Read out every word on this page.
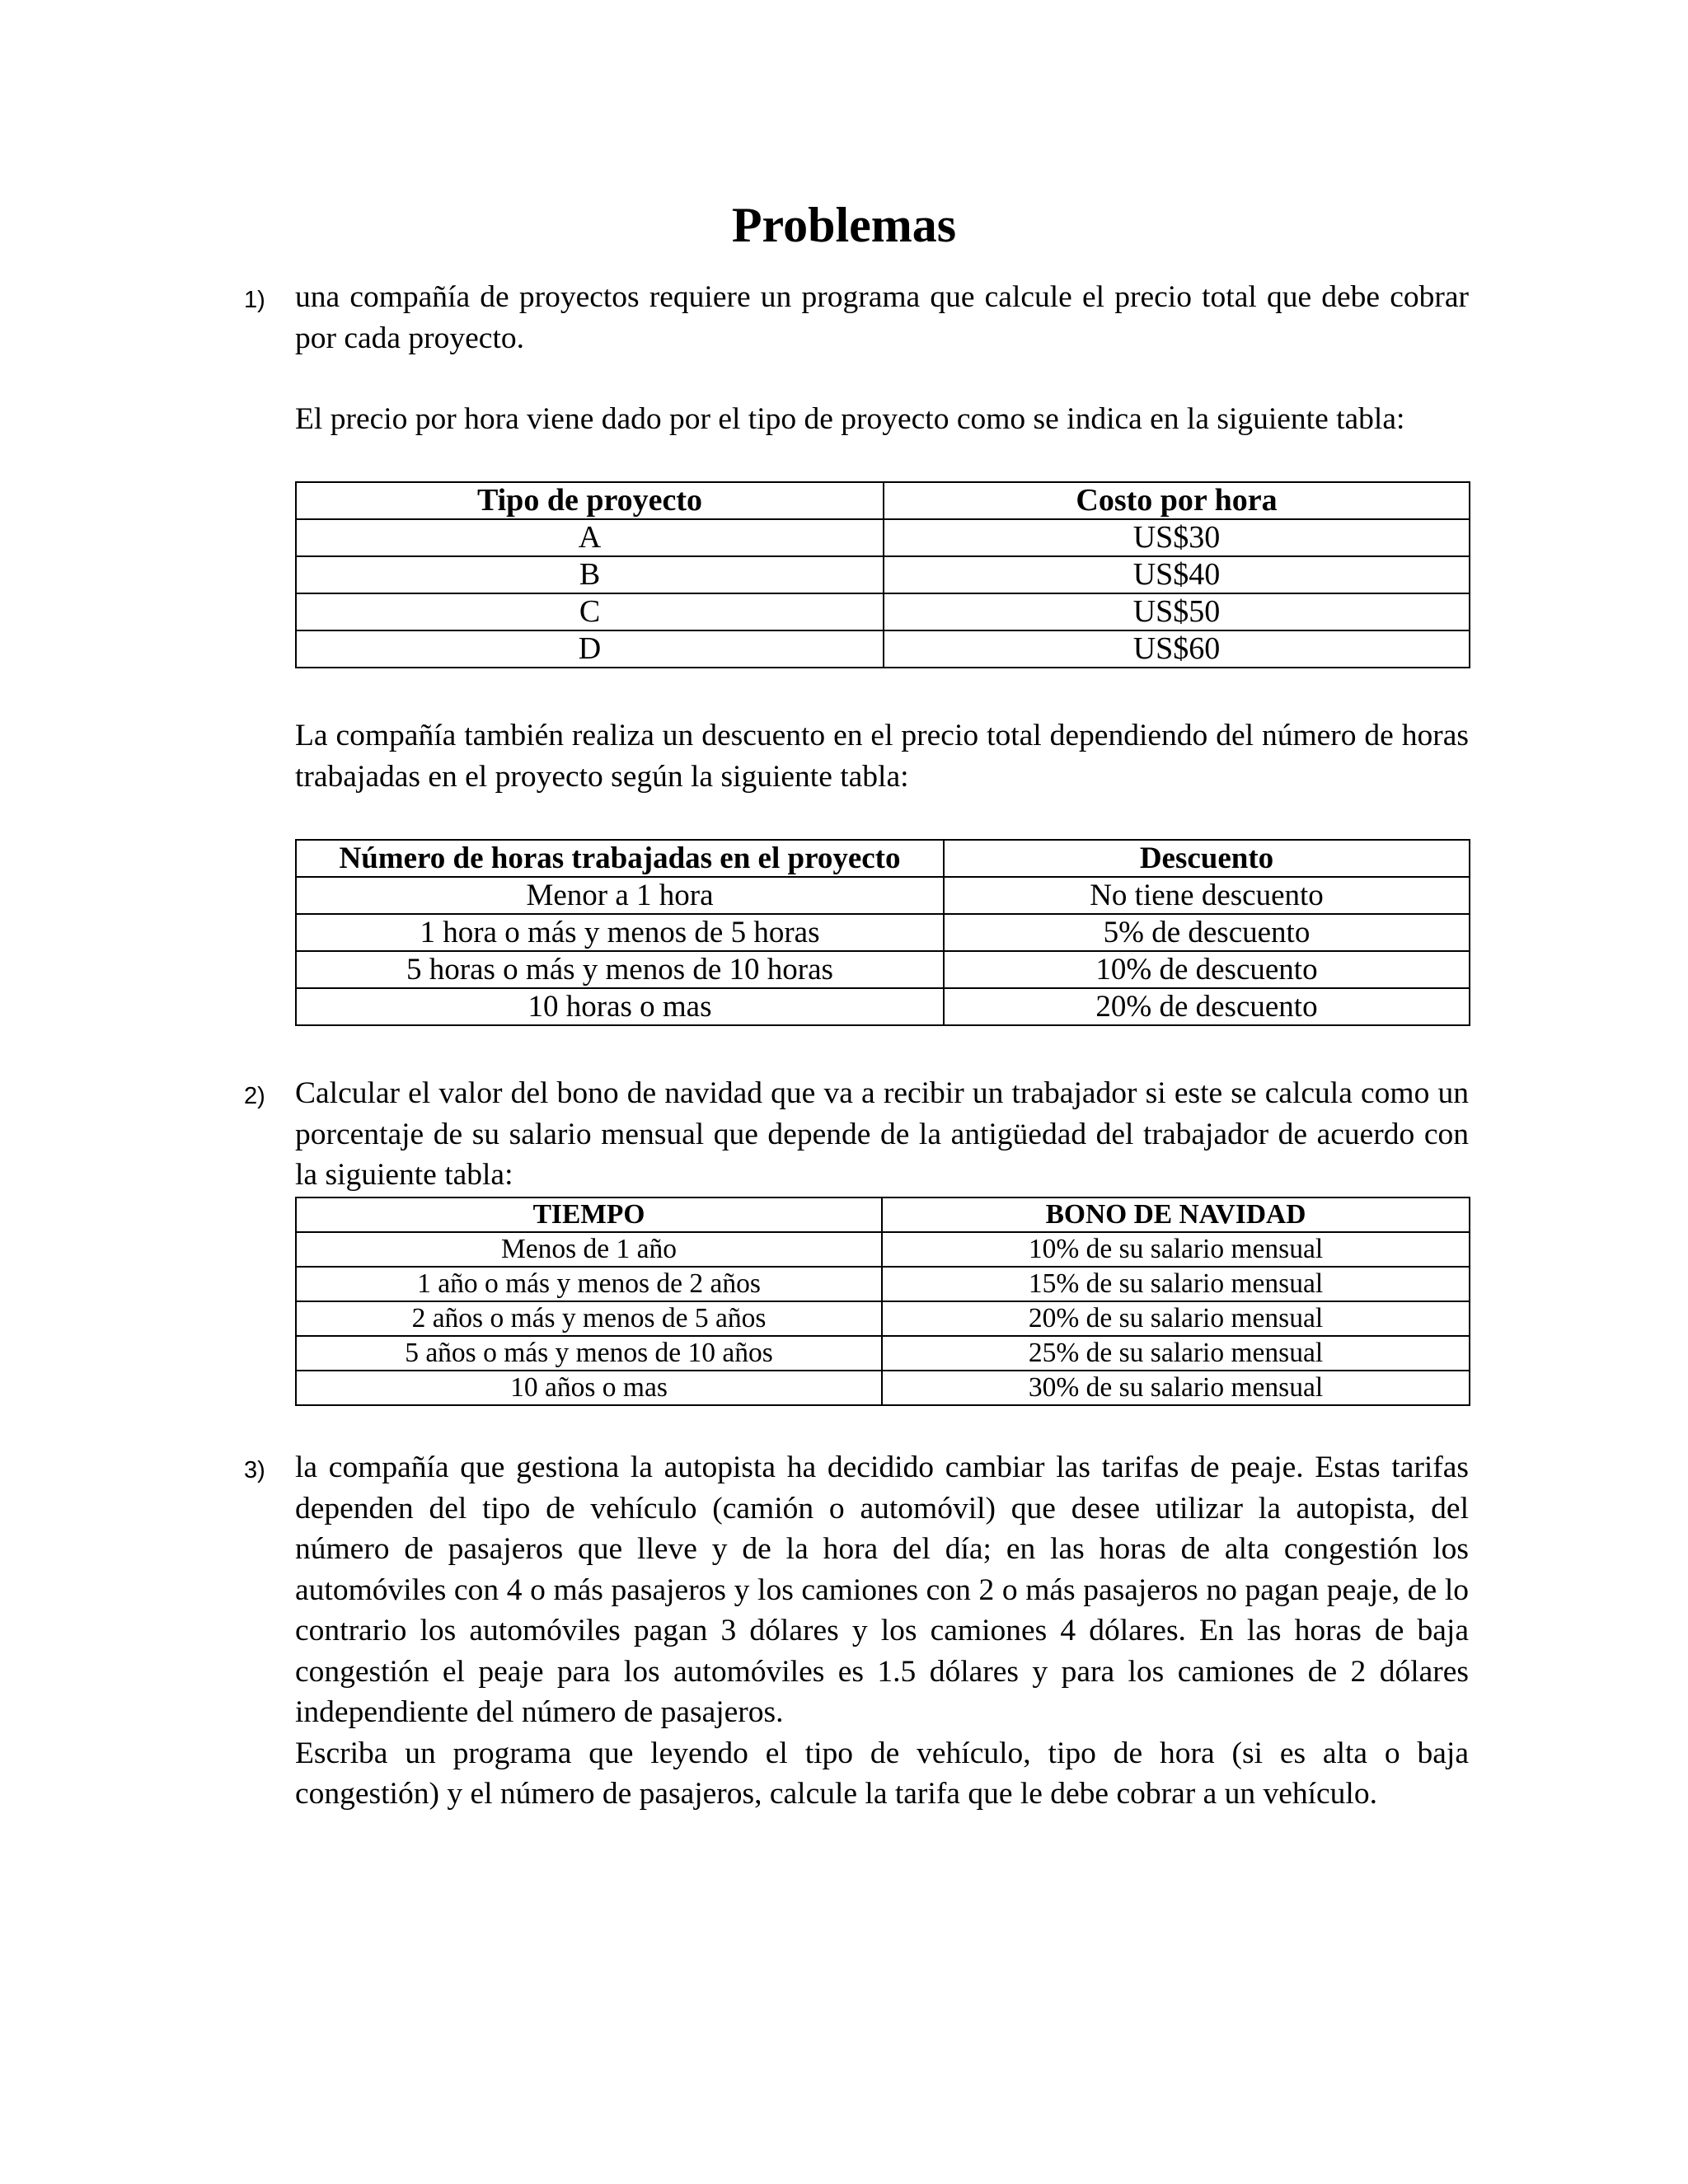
Problemas
1) una compañía de proyectos requiere un programa que calcule el precio total que debe cobrar por cada proyecto.

El precio por hora viene dado por el tipo de proyecto como se indica en la siguiente tabla:

Tipo de proyecto	Costo por hora
A	US$30
B	US$40
C	US$50
D	US$60

La compañía también realiza un descuento en el precio total dependiendo del número de horas trabajadas en el proyecto según la siguiente tabla:

Número de horas trabajadas en el proyecto	Descuento
Menor a 1 hora	No tiene descuento
1 hora o más y menos de 5 horas	5% de descuento
5 horas o más y menos de 10 horas	10% de descuento
10 horas o mas	20% de descuento
2) Calcular el valor del bono de navidad que va a recibir un trabajador si este se calcula como un porcentaje de su salario mensual que depende de la antigüedad del trabajador de acuerdo con la siguiente tabla:

TIEMPO	BONO DE NAVIDAD
Menos de 1 año	10% de su salario mensual
1 año o más y menos de 2 años	15% de su salario mensual
2 años o más y menos de 5 años	20% de su salario mensual
5 años o más y menos de 10 años	25% de su salario mensual
10 años o mas	30% de su salario mensual
3) la compañía que gestiona la autopista ha decidido cambiar las tarifas de peaje. Estas tarifas dependen del tipo de vehículo (camión o automóvil) que desee utilizar la autopista, del número de pasajeros que lleve y de la hora del día; en las horas de alta congestión los automóviles con 4 o más pasajeros y los camiones con 2 o más pasajeros no pagan peaje, de lo contrario los automóviles pagan 3 dólares y los camiones 4 dólares. En las horas de baja congestión el peaje para los automóviles es 1.5 dólares y para los camiones de 2 dólares independiente del número de pasajeros.
Escriba un programa que leyendo el tipo de vehículo, tipo de hora (si es alta o baja congestión) y el número de pasajeros, calcule la tarifa que le debe cobrar a un vehículo.
